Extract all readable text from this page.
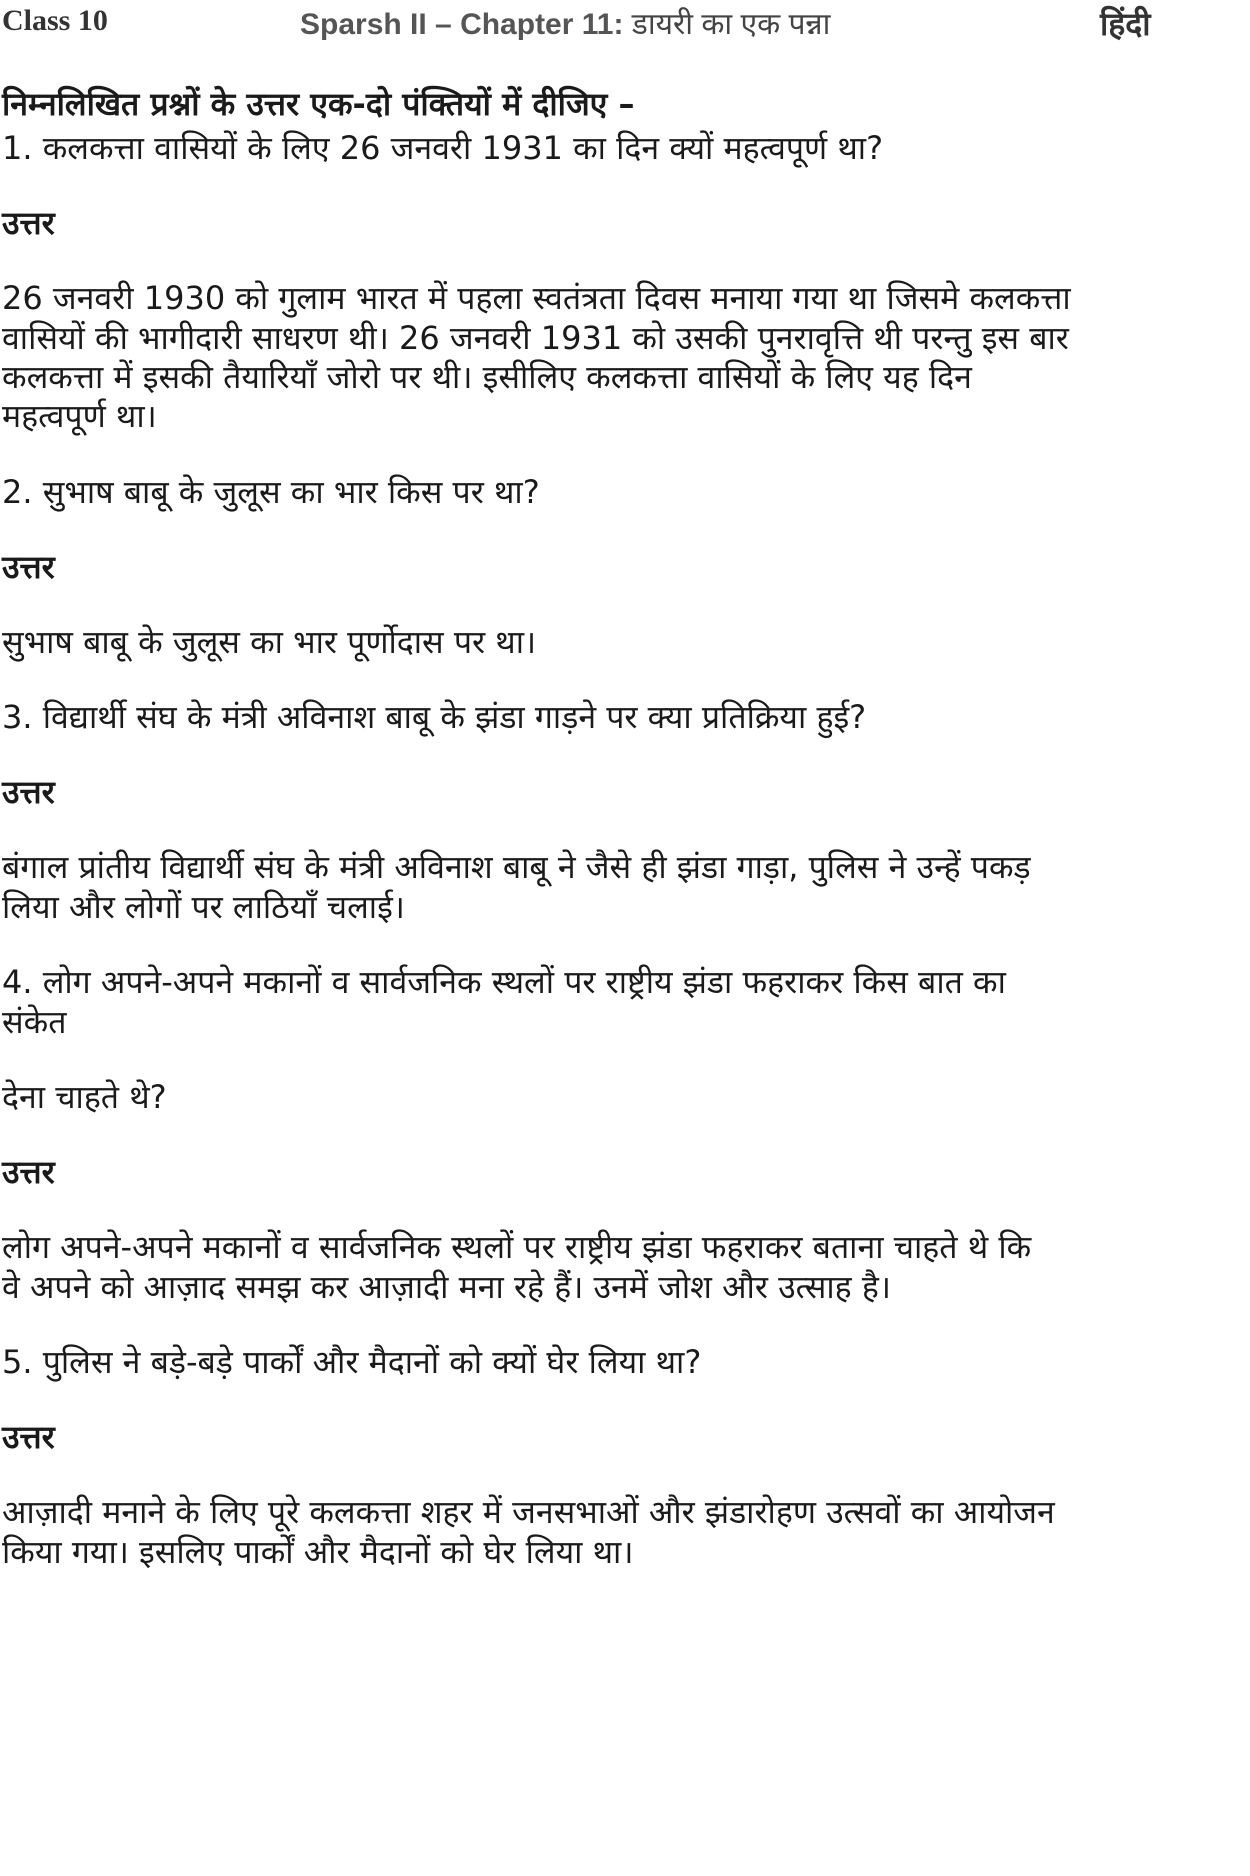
Class 10	Sparsh II – Chapter 11: डायरी का एक पन्ना	हिंदी
निम्नलिखित प्रश्नों के उत्तर एक-दो पंक्तियों में दीजिए –
1. कलकत्ता वासियों के लिए 26 जनवरी 1931 का दिन क्यों महत्वपूर्ण था?
उत्तर
26 जनवरी 1930 को गुलाम भारत में पहला स्वतंत्रता दिवस मनाया गया था जिसमे कलकत्ता
वासियों की भागीदारी साधरण थी। 26 जनवरी 1931 को उसकी पुनरावृत्ति थी परन्तु इस बार
कलकत्ता में इसकी तैयारियाँ जोरो पर थी। इसीलिए कलकत्ता वासियों के लिए यह दिन
महत्वपूर्ण था।
2. सुभाष बाबू के जुलूस का भार किस पर था?
उत्तर
सुभाष बाबू के जुलूस का भार पूर्णोदास पर था।
3. विद्यार्थी संघ के मंत्री अविनाश बाबू के झंडा गाड़ने पर क्या प्रतिक्रिया हुई?
उत्तर
बंगाल प्रांतीय विद्यार्थी संघ के मंत्री अविनाश बाबू ने जैसे ही झंडा गाड़ा, पुलिस ने उन्हें पकड़
लिया और लोगों पर लाठियाँ चलाई।
4. लोग अपने-अपने मकानों व सार्वजनिक स्थलों पर राष्ट्रीय झंडा फहराकर किस बात का
संकेत
देना चाहते थे?
उत्तर
लोग अपने-अपने मकानों व सार्वजनिक स्थलों पर राष्ट्रीय झंडा फहराकर बताना चाहते थे कि
वे अपने को आज़ाद समझ कर आज़ादी मना रहे हैं। उनमें जोश और उत्साह है।
5. पुलिस ने बड़े-बड़े पार्कों और मैदानों को क्यों घेर लिया था?
उत्तर
आज़ादी मनाने के लिए पूरे कलकत्ता शहर में जनसभाओं और झंडारोहण उत्सवों का आयोजन
किया गया। इसलिए पार्कों और मैदानों को घेर लिया था।
